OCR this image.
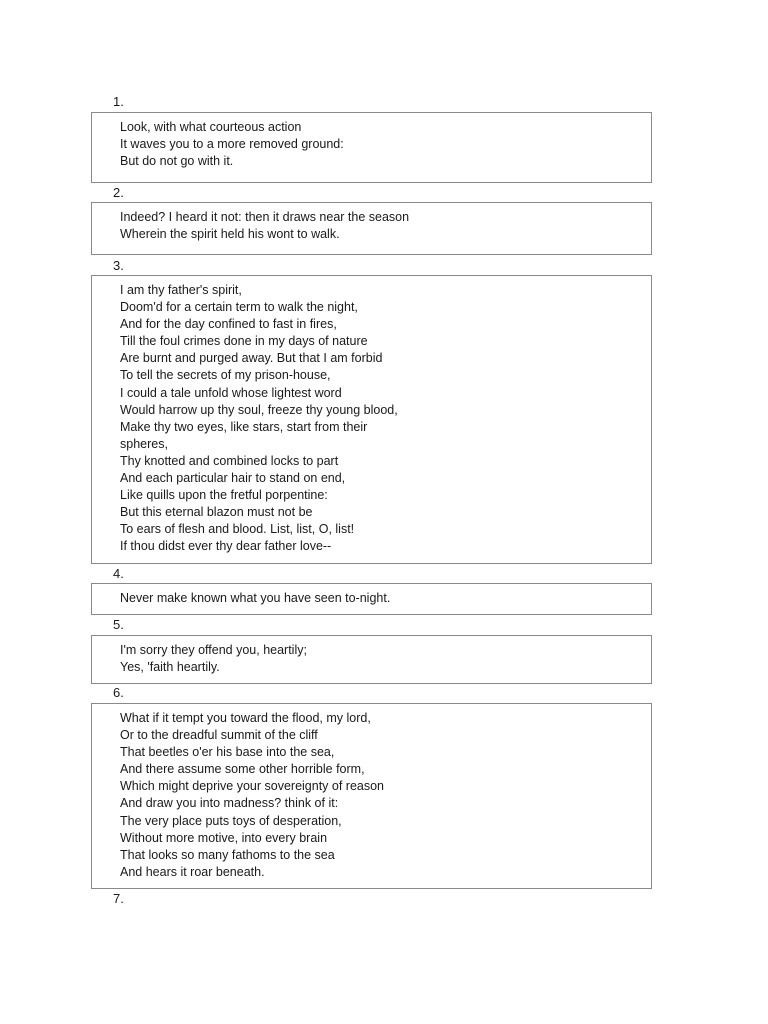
1.
Look, with what courteous action
It waves you to a more removed ground:
But do not go with it.
2.
Indeed? I heard it not: then it draws near the season
Wherein the spirit held his wont to walk.
3.
I am thy father's spirit,
Doom'd for a certain term to walk the night,
And for the day confined to fast in fires,
Till the foul crimes done in my days of nature
Are burnt and purged away. But that I am forbid
To tell the secrets of my prison-house,
I could a tale unfold whose lightest word
Would harrow up thy soul, freeze thy young blood,
Make thy two eyes, like stars, start from their
spheres,
Thy knotted and combined locks to part
And each particular hair to stand on end,
Like quills upon the fretful porpentine:
But this eternal blazon must not be
To ears of flesh and blood. List, list, O, list!
If thou didst ever thy dear father love--
4.
Never make known what you have seen to-night.
5.
I'm sorry they offend you, heartily;
Yes, 'faith heartily.
6.
What if it tempt you toward the flood, my lord,
Or to the dreadful summit of the cliff
That beetles o'er his base into the sea,
And there assume some other horrible form,
Which might deprive your sovereignty of reason
And draw you into madness? think of it:
The very place puts toys of desperation,
Without more motive, into every brain
That looks so many fathoms to the sea
And hears it roar beneath.
7.
